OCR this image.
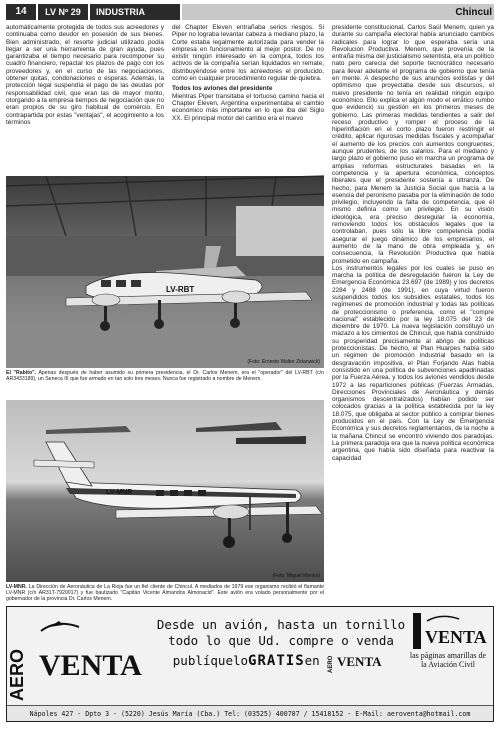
14	LV Nº 29	INDUSTRIA	Chincul
automáticamente protegida de todos sus acreedores y continuaba como deudor en posesión de sus bienes. Bien administrado, el resorte judicial utilizado podía llegar a ser una herramienta de gran ayuda, pues garantizaba el tiempo necesario para recomponer su cuadro financiero, repactar los plazos de pago con los proveedores y, en el curso de las negociaciones, obtener quitas, condonaciones o esperas. Además, la protección legal suspendía el pago de las deudas por responsabilidad civil, que eran las de mayor monto, otorgando a la empresa tiempos de negociación que no eran propios de su giro habitual de comercio. En contrapartida por estas "ventajas", el acogimiento a los términos
del Chapter Eleven entrañaba serios riesgos. Si Piper no lograba levantar cabeza a mediano plazo, la Corte estaba legalmente autorizada para vender la empresa en funcionamiento al mejor postor. De no existir ningún interesado en la compra, todos los activos de la compañía serían liquidados en remate, distribuyéndose entre los acreedores el producido, como en cualquier procedimiento regular de quiebra.
Todos los aviones del presidente
Mientras Piper transitaba el tortuoso camino hacia el Chapter Eleven, Argentina experimentaba el cambio económico más importante en lo que iba del Siglo XX. El principal motor del cambio era el nuevo
presidente constitucional, Carlos Saúl Menem, quien ya durante su campaña electoral había anunciado cambios radicales para lograr lo que esperaba sería una Revolución Productiva. Menem, que provenía de la entraña misma del justicialismo setentista, era un político nato pero carecía del soporte tecnocrático necesario para llevar adelante el programa de gobierno que tenía en mente. A despecho de sus anuncios exitistas y del optimismo que proyectaba desde sus discursos, el nuevo presidente no tenía en realidad ningún equipo económico. Ello explica el algún modo el errático rumbo que evidenció su gestión en los primeros meses de gobierno. Las primeras medidas tendientes a salir del receso productivo y romper el proceso de la hiperinflación en el corto plazo fueron restringir el crédito, aplicar rigurosas medidas fiscales y acompañar el aumento de los precios con aumentos congruentes, aunque prudentes, de los salarios. Para el mediano y largo plazo el gobierno puso en marcha un programa de amplias reformas estructurales basadas en la competencia y la apertura económica, conceptos liberales que el presidente sostenía a ultranza. De hecho, para Menem la Justicia Social que hacía a la esencia del peronismo pasaba por la eliminación de todo privilegio, incluyendo la falta de competencia, que él mismo definía como un privilegio. En su visión ideológica, era preciso desregular la economía, removiendo todos los obstáculos legales que la controlaban, pues sólo la libre competencia podía asegurar el juego dinámico de los empresarios, el aumento de la mano de obra empleada y, en consecuencia, la Revolución Productiva que había prometido en campaña.
Los instrumentos legales por los cuales se puso en marcha la política de desregulación fueron la Ley de Emergencia Económica 23.697 (de 1989) y los decretos 2284 y 2488 (de 1991), en cuya virtud fueron suspendidos todos los subsidios estatales, todos los regímenes de promoción industrial y todas las políticas de proteccionismo o preferencia, como el "compre nacional" establecido por la ley 18.075 del 23 de diciembre de 1970. La nueva legislación constituyó un mazazo a los cimientos de Chincul, que había construido su prosperidad precisamente al abrigo de políticas proteccionistas. De hecho, el Plan Huarpes había sido un régimen de promoción industrial basado en la desgravación impositiva, el Plan Forjando Alas había consistido en una política de subvenciones apadrinadas por la Fuerza Aérea, y todos los aviones vendidos desde 1972 a las reparticiones públicas (Fuerzas Armadas, Direcciones Provinciales de Aeronáutica y demás organismos descentralizados) habían podido ser colocados gracias a la política establecida por la ley 18.075, que obligaba al sector público a comprar bienes producidos en el país. Con la Ley de Emergencia Económica y sus decretos reglamentarios, de la noche a la mañana Chincul se encontró viviendo dos paradojas. La primera paradoja era que la nueva política económica argentina, que había sido diseñada para reactivar la capacidad
LV-RBT
(Foto: Ernesto Walter Zidanwick)
El "Rabito". Apenas después de haber asumido su primera presidencia, el Dr. Carlos Menem, era el "operador" del LV-RBT (c/n AR3433189), un Seneca III que fue armado en tan solo tres meses. Nunca fue registrado a nombre de Menem.
LV-MNR
(Foto: Miguel Merino)
LV-MNR. La Dirección de Aeronáutica de La Rioja fue un fiel cliente de Chincul. A mediados de 1979 ese organismo recibió el flamante LV-MNR (c/n AR31T-7920017) y fue bautizado "Capitán Vicente Almandos Almonacid". Este avión era volado personalmente por el gobernador de la provincia Dr. Carlos Menem.
AERO VENTA
Desde un avión, hasta un tornillo
todo lo que Ud. compre o venda
publíqueloGRATISen AERO VENTA
VENTA
las páginas amarillas de la Aviación Civil
Nápoles 427 - Dpto 3 - (5220) Jesús María (Cba.) Tel: (03525) 400707 / 15418152 - E-Mail: aeroventa@hotmail.com
